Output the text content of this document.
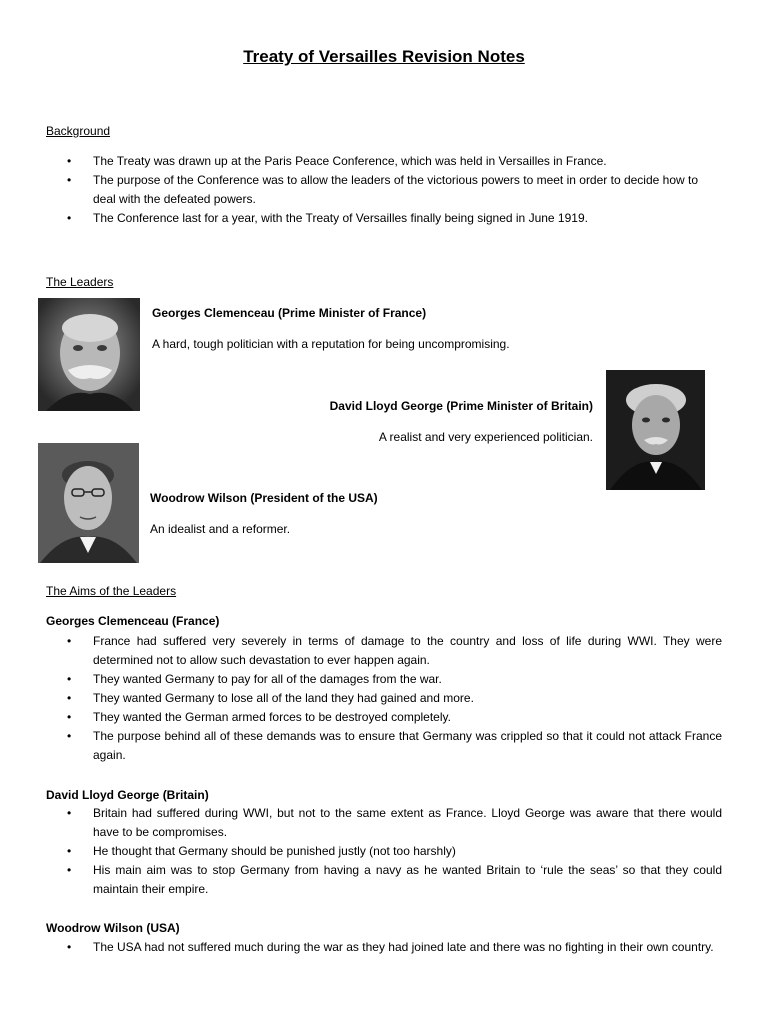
Treaty of Versailles Revision Notes
Background
• The Treaty was drawn up at the Paris Peace Conference, which was held in Versailles in France.
• The purpose of the Conference was to allow the leaders of the victorious powers to meet in order to decide how to deal with the defeated powers.
• The Conference last for a year, with the Treaty of Versailles finally being signed in June 1919.
The Leaders
Georges Clemenceau (Prime Minister of France)
A hard, tough politician with a reputation for being uncompromising.
David Lloyd George (Prime Minister of Britain)
A realist and very experienced politician.
Woodrow Wilson (President of the USA)
An idealist and a reformer.
The Aims of the Leaders
Georges Clemenceau (France)
• France had suffered very severely in terms of damage to the country and loss of life during WWI. They were determined not to allow such devastation to ever happen again.
• They wanted Germany to pay for all of the damages from the war.
• They wanted Germany to lose all of the land they had gained and more.
• They wanted the German armed forces to be destroyed completely.
• The purpose behind all of these demands was to ensure that Germany was crippled so that it could not attack France again.
David Lloyd George (Britain)
• Britain had suffered during WWI, but not to the same extent as France. Lloyd George was aware that there would have to be compromises.
• He thought that Germany should be punished justly (not too harshly)
• His main aim was to stop Germany from having a navy as he wanted Britain to ‘rule the seas’ so that they could maintain their empire.
Woodrow Wilson (USA)
• The USA had not suffered much during the war as they had joined late and there was no fighting in their own country.
